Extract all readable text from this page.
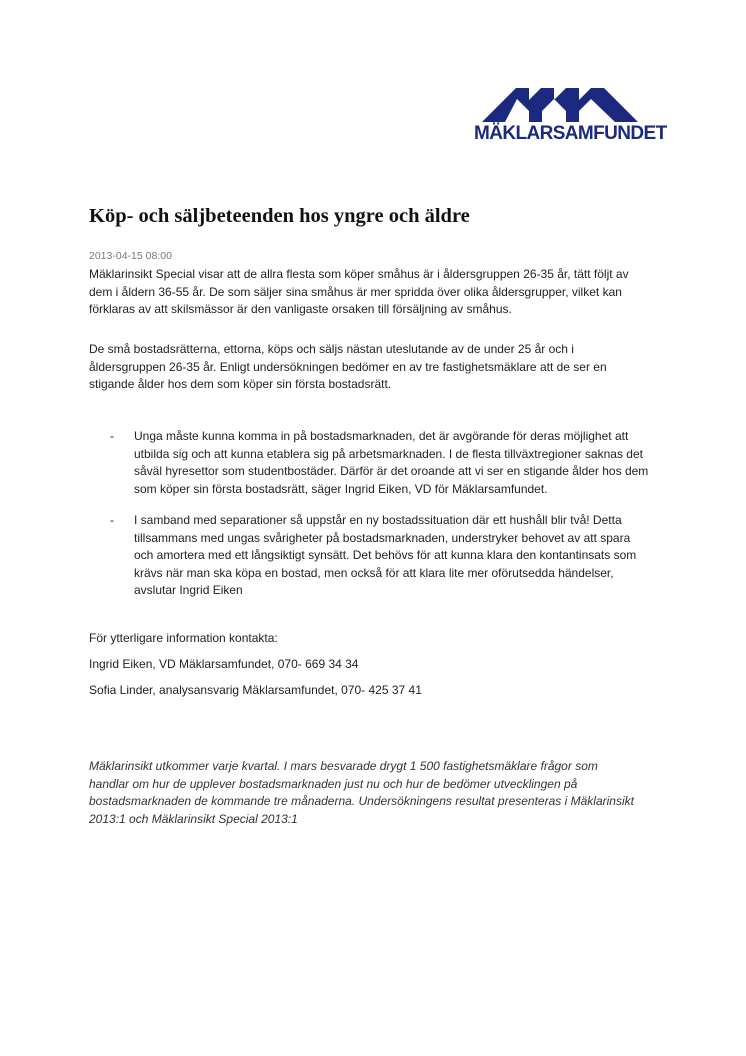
MÄKLARSAMFUNDET
Köp- och säljbeteenden hos yngre och äldre
2013-04-15 08:00

Mäklarinsikt Special visar att de allra flesta som köper småhus är i åldersgruppen 26-35 år, tätt följt av dem i åldern 36-55 år. De som säljer sina småhus är mer spridda över olika åldersgrupper, vilket kan förklaras av att skilsmässor är den vanligaste orsaken till försäljning av småhus.

De små bostadsrätterna, ettorna, köps och säljs nästan uteslutande av de under 25 år och i åldersgruppen 26-35 år. Enligt undersökningen bedömer en av tre fastighetsmäklare att de ser en stigande ålder hos dem som köper sin första bostadsrätt.

- Unga måste kunna komma in på bostadsmarknaden, det är avgörande för deras möjlighet att utbilda sig och att kunna etablera sig på arbetsmarknaden. I de flesta tillväxtregioner saknas det såväl hyresettor som studentbostäder. Därför är det oroande att vi ser en stigande ålder hos dem som köper sin första bostadsrätt, säger Ingrid Eiken, VD för Mäklarsamfundet.

- I samband med separationer så uppstår en ny bostadssituation där ett hushåll blir två! Detta tillsammans med ungas svårigheter på bostadsmarknaden, understryker behovet av att spara och amortera med ett långsiktigt synsätt. Det behövs för att kunna klara den kontantinsats som krävs när man ska köpa en bostad, men också för att klara lite mer oförutsedda händelser, avslutar Ingrid Eiken

För ytterligare information kontakta:
Ingrid Eiken, VD Mäklarsamfundet, 070- 669 34 34
Sofia Linder, analysansvarig Mäklarsamfundet, 070- 425 37 41

Mäklarinsikt utkommer varje kvartal. I mars besvarade drygt 1 500 fastighetsmäklare frågor som handlar om hur de upplever bostadsmarknaden just nu och hur de bedömer utvecklingen på bostadsmarknaden de kommande tre månaderna. Undersökningens resultat presenteras i Mäklarinsikt 2013:1 och Mäklarinsikt Special 2013:1
